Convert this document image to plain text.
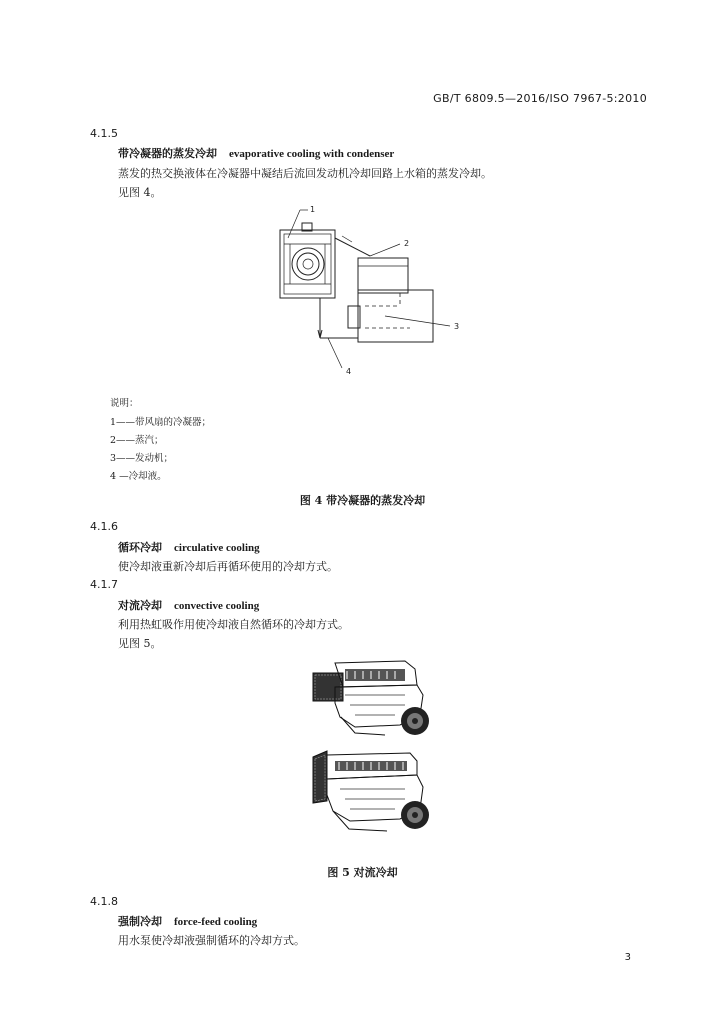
GB/T 6809.5—2016/ISO 7967-5:2010
4.1.5
带冷凝器的蒸发冷却 evaporative cooling with condenser
蒸发的热交换液体在冷凝器中凝结后流回发动机冷却回路上水箱的蒸发冷却。
见图 4。
1
2
3
4
说明：
1——带风扇的冷凝器；
2——蒸汽；
3——发动机；
4 —冷却液。
图 4 带冷凝器的蒸发冷却
4.1.6
循环冷却 circulative cooling
使冷却液重新冷却后再循环使用的冷却方式。
4.1.7
对流冷却 convective cooling
利用热虹吸作用使冷却液自然循环的冷却方式。
见图 5。
图 5 对流冷却
4.1.8
强制冷却 force-feed cooling
用水泵使冷却液强制循环的冷却方式。
3
